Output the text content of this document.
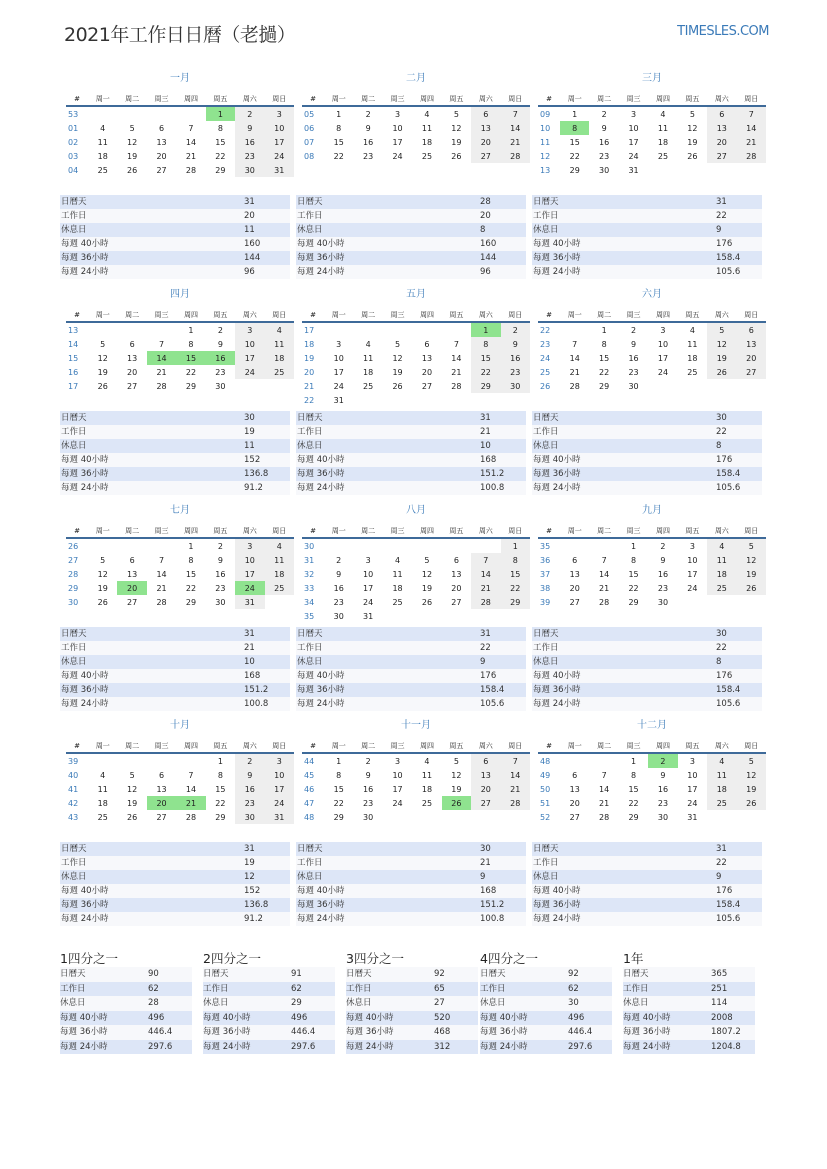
2021年工作日日曆（老撾）	TIMESLES.COM
一月
#	周一	周二	周三	周四	周五	周六	周日
53					1	2	3
01	4	5	6	7	8	9	10
02	11	12	13	14	15	16	17
03	18	19	20	21	22	23	24
04	25	26	27	28	29	30	31
日曆天	31
工作日	20
休息日	11
每週 40小時	160
每週 36小時	144
每週 24小時	96
二月
#	周一	周二	周三	周四	周五	周六	周日
05	1	2	3	4	5	6	7
06	8	9	10	11	12	13	14
07	15	16	17	18	19	20	21
08	22	23	24	25	26	27	28
日曆天	28
工作日	20
休息日	8
每週 40小時	160
每週 36小時	144
每週 24小時	96
三月
#	周一	周二	周三	周四	周五	周六	周日
09	1	2	3	4	5	6	7
10	8	9	10	11	12	13	14
11	15	16	17	18	19	20	21
12	22	23	24	25	26	27	28
13	29	30	31				
日曆天	31
工作日	22
休息日	9
每週 40小時	176
每週 36小時	158.4
每週 24小時	105.6
四月
#	周一	周二	周三	周四	周五	周六	周日
13				1	2	3	4
14	5	6	7	8	9	10	11
15	12	13	14	15	16	17	18
16	19	20	21	22	23	24	25
17	26	27	28	29	30		
日曆天	30
工作日	19
休息日	11
每週 40小時	152
每週 36小時	136.8
每週 24小時	91.2
五月
#	周一	周二	周三	周四	周五	周六	周日
17						1	2
18	3	4	5	6	7	8	9
19	10	11	12	13	14	15	16
20	17	18	19	20	21	22	23
21	24	25	26	27	28	29	30
22	31						
日曆天	31
工作日	21
休息日	10
每週 40小時	168
每週 36小時	151.2
每週 24小時	100.8
六月
#	周一	周二	周三	周四	周五	周六	周日
22		1	2	3	4	5	6
23	7	8	9	10	11	12	13
24	14	15	16	17	18	19	20
25	21	22	23	24	25	26	27
26	28	29	30				
日曆天	30
工作日	22
休息日	8
每週 40小時	176
每週 36小時	158.4
每週 24小時	105.6
七月
#	周一	周二	周三	周四	周五	周六	周日
26				1	2	3	4
27	5	6	7	8	9	10	11
28	12	13	14	15	16	17	18
29	19	20	21	22	23	24	25
30	26	27	28	29	30	31	
日曆天	31
工作日	21
休息日	10
每週 40小時	168
每週 36小時	151.2
每週 24小時	100.8
八月
#	周一	周二	周三	周四	周五	周六	周日
30							1
31	2	3	4	5	6	7	8
32	9	10	11	12	13	14	15
33	16	17	18	19	20	21	22
34	23	24	25	26	27	28	29
35	30	31					
日曆天	31
工作日	22
休息日	9
每週 40小時	176
每週 36小時	158.4
每週 24小時	105.6
九月
#	周一	周二	周三	周四	周五	周六	周日
35			1	2	3	4	5
36	6	7	8	9	10	11	12
37	13	14	15	16	17	18	19
38	20	21	22	23	24	25	26
39	27	28	29	30			
日曆天	30
工作日	22
休息日	8
每週 40小時	176
每週 36小時	158.4
每週 24小時	105.6
十月
#	周一	周二	周三	周四	周五	周六	周日
39					1	2	3
40	4	5	6	7	8	9	10
41	11	12	13	14	15	16	17
42	18	19	20	21	22	23	24
43	25	26	27	28	29	30	31
日曆天	31
工作日	19
休息日	12
每週 40小時	152
每週 36小時	136.8
每週 24小時	91.2
十一月
#	周一	周二	周三	周四	周五	周六	周日
44	1	2	3	4	5	6	7
45	8	9	10	11	12	13	14
46	15	16	17	18	19	20	21
47	22	23	24	25	26	27	28
48	29	30					
日曆天	30
工作日	21
休息日	9
每週 40小時	168
每週 36小時	151.2
每週 24小時	100.8
十二月
#	周一	周二	周三	周四	周五	周六	周日
48			1	2	3	4	5
49	6	7	8	9	10	11	12
50	13	14	15	16	17	18	19
51	20	21	22	23	24	25	26
52	27	28	29	30	31		
日曆天	31
工作日	22
休息日	9
每週 40小時	176
每週 36小時	158.4
每週 24小時	105.6
1四分之一
日曆天	90
工作日	62
休息日	28
每週 40小時	496
每週 36小時	446.4
每週 24小時	297.6
2四分之一
日曆天	91
工作日	62
休息日	29
每週 40小時	496
每週 36小時	446.4
每週 24小時	297.6
3四分之一
日曆天	92
工作日	65
休息日	27
每週 40小時	520
每週 36小時	468
每週 24小時	312
4四分之一
日曆天	92
工作日	62
休息日	30
每週 40小時	496
每週 36小時	446.4
每週 24小時	297.6
1年
日曆天	365
工作日	251
休息日	114
每週 40小時	2008
每週 36小時	1807.2
每週 24小時	1204.8
